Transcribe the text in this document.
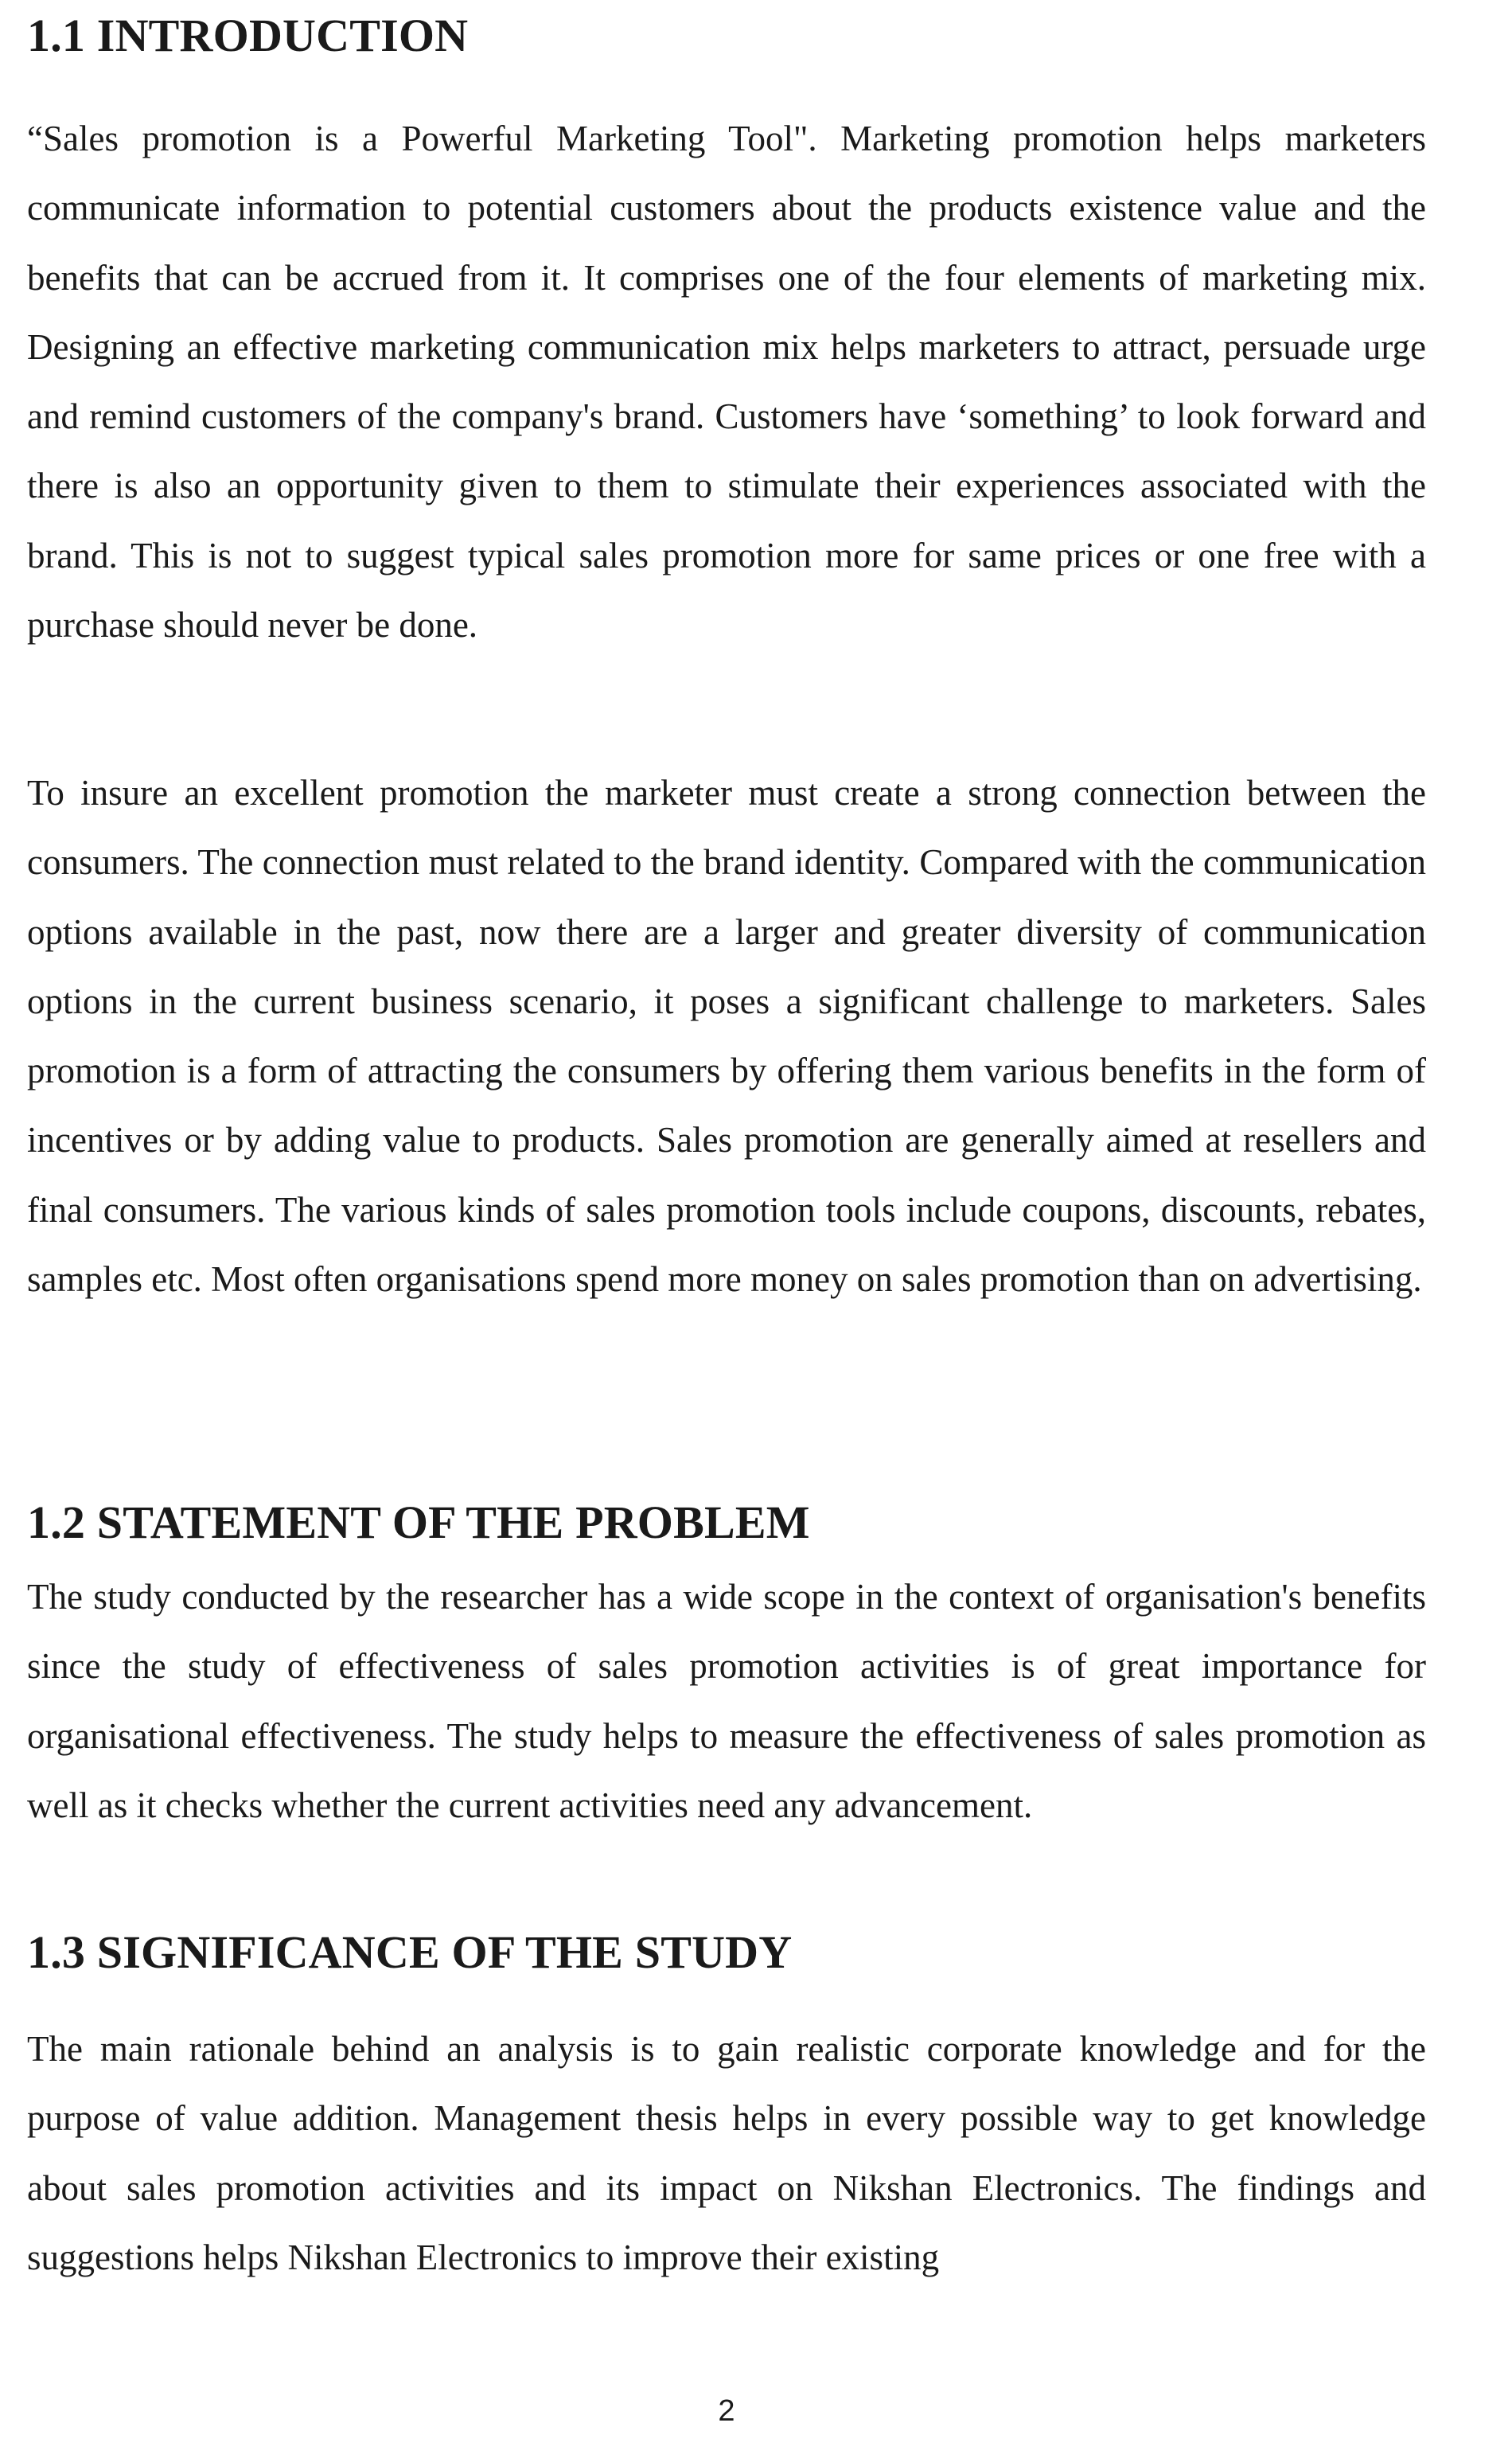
1.1 INTRODUCTION

“Sales promotion is a Powerful Marketing Tool". Marketing promotion helps marketers communicate information to potential customers about the products existence value and the benefits that can be accrued from it. It comprises one of the four elements of marketing mix. Designing an effective marketing communication mix helps marketers to attract, persuade urge and remind customers of the company's brand. Customers have ‘something’ to look forward and there is also an opportunity given to them to stimulate their experiences associated with the brand. This is not to suggest typical sales promotion more for same prices or one free with a purchase should never be done.

To insure an excellent promotion the marketer must create a strong connection between the consumers. The connection must related to the brand identity. Compared with the communication options available in the past, now there are a larger and greater diversity of communication options in the current business scenario, it poses a significant challenge to marketers. Sales promotion is a form of attracting the consumers by offering them various benefits in the form of incentives or by adding value to products. Sales promotion are generally aimed at resellers and final consumers. The various kinds of sales promotion tools include coupons, discounts, rebates, samples etc. Most often organisations spend more money on sales promotion than on advertising.

1.2 STATEMENT OF THE PROBLEM

The study conducted by the researcher has a wide scope in the context of organisation's benefits since the study of effectiveness of sales promotion activities is of great importance for organisational effectiveness. The study helps to measure the effectiveness of sales promotion as well as it checks whether the current activities need any advancement.

1.3 SIGNIFICANCE OF THE STUDY

The main rationale behind an analysis is to gain realistic corporate knowledge and for the purpose of value addition. Management thesis helps in every possible way to get knowledge about sales promotion activities and its impact on Nikshan Electronics. The findings and suggestions helps Nikshan Electronics to improve their existing

2
